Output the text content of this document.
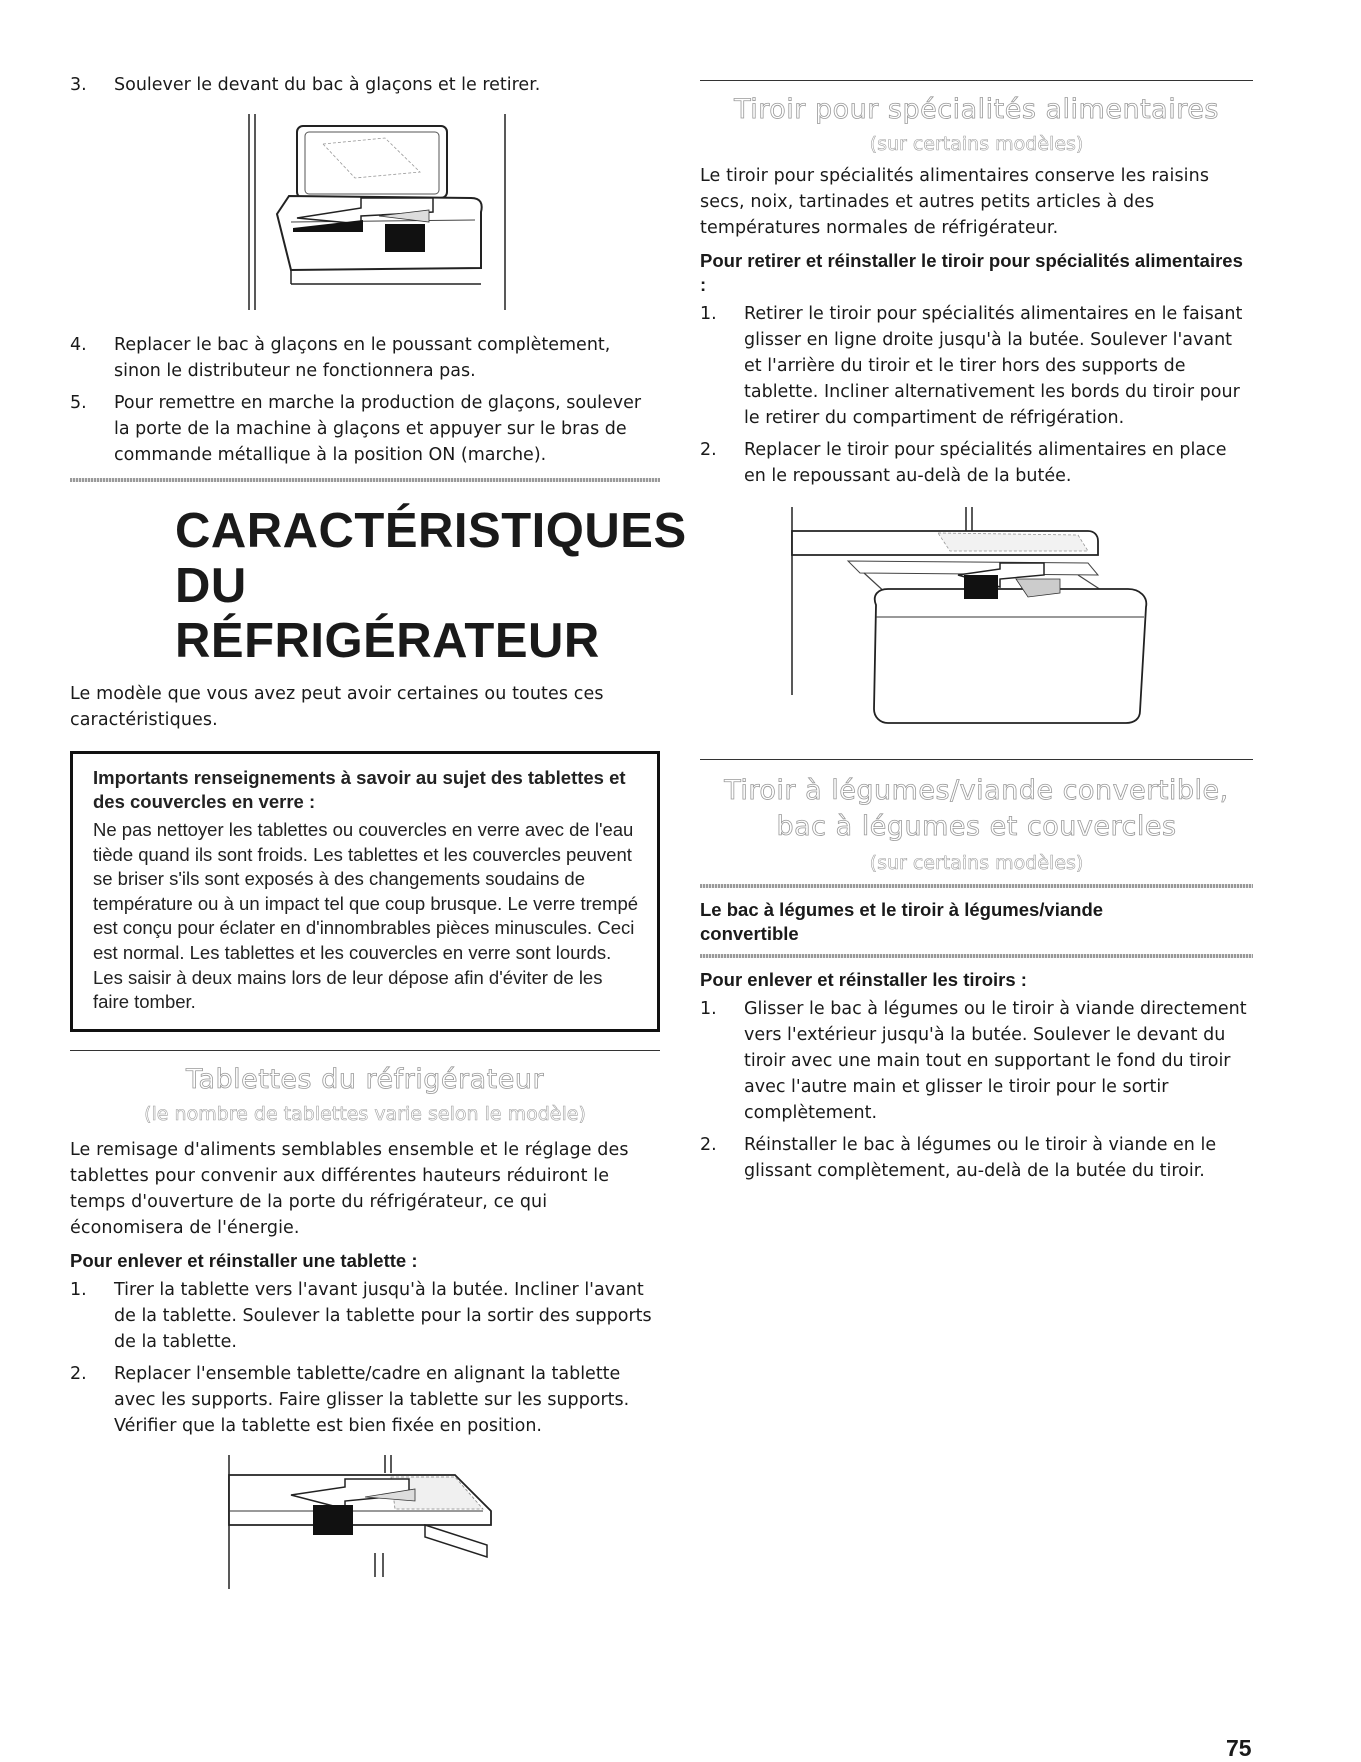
3. Soulever le devant du bac à glaçons et le retirer.
4. Replacer le bac à glaçons en le poussant complètement, sinon le distributeur ne fonctionnera pas.
5. Pour remettre en marche la production de glaçons, soulever la porte de la machine à glaçons et appuyer sur le bras de commande métallique à la position ON (marche).
CARACTÉRISTIQUES
DU RÉFRIGÉRATEUR

Le modèle que vous avez peut avoir certaines ou toutes ces caractéristiques.

Importants renseignements à savoir au sujet des tablettes et des couvercles en verre :
Ne pas nettoyer les tablettes ou couvercles en verre avec de l'eau tiède quand ils sont froids. Les tablettes et les couvercles peuvent se briser s'ils sont exposés à des changements soudains de température ou à un impact tel que coup brusque. Le verre trempé est conçu pour éclater en d'innombrables pièces minuscules. Ceci est normal. Les tablettes et les couvercles en verre sont lourds. Les saisir à deux mains lors de leur dépose afin d'éviter de les faire tomber.

Tablettes du réfrigérateur

(le nombre de tablettes varie selon le modèle)

Le remisage d'aliments semblables ensemble et le réglage des tablettes pour convenir aux différentes hauteurs réduiront le temps d'ouverture de la porte du réfrigérateur, ce qui économisera de l'énergie.

Pour enlever et réinstaller une tablette :

1. Tirer la tablette vers l'avant jusqu'à la butée. Incliner l'avant de la tablette. Soulever la tablette pour la sortir des supports de la tablette.
2. Replacer l'ensemble tablette/cadre en alignant la tablette avec les supports. Faire glisser la tablette sur les supports. Vérifier que la tablette est bien fixée en position.

Tiroir pour spécialités alimentaires

(sur certains modèles)

Le tiroir pour spécialités alimentaires conserve les raisins secs, noix, tartinades et autres petits articles à des températures normales de réfrigérateur.

Pour retirer et réinstaller le tiroir pour spécialités alimentaires :

1. Retirer le tiroir pour spécialités alimentaires en le faisant glisser en ligne droite jusqu'à la butée. Soulever l'avant et l'arrière du tiroir et le tirer hors des supports de tablette. Incliner alternativement les bords du tiroir pour le retirer du compartiment de réfrigération.
2. Replacer le tiroir pour spécialités alimentaires en place en le repoussant au-delà de la butée.

Tiroir à légumes/viande convertible,

bac à légumes et couvercles

(sur certains modèles)

Le bac à légumes et le tiroir à légumes/viande convertible

Pour enlever et réinstaller les tiroirs :

1. Glisser le bac à légumes ou le tiroir à viande directement vers l'extérieur jusqu'à la butée. Soulever le devant du tiroir avec une main tout en supportant le fond du tiroir avec l'autre main et glisser le tiroir pour le sortir complètement.
2. Réinstaller le bac à légumes ou le tiroir à viande en le glissant complètement, au-delà de la butée du tiroir.
75
